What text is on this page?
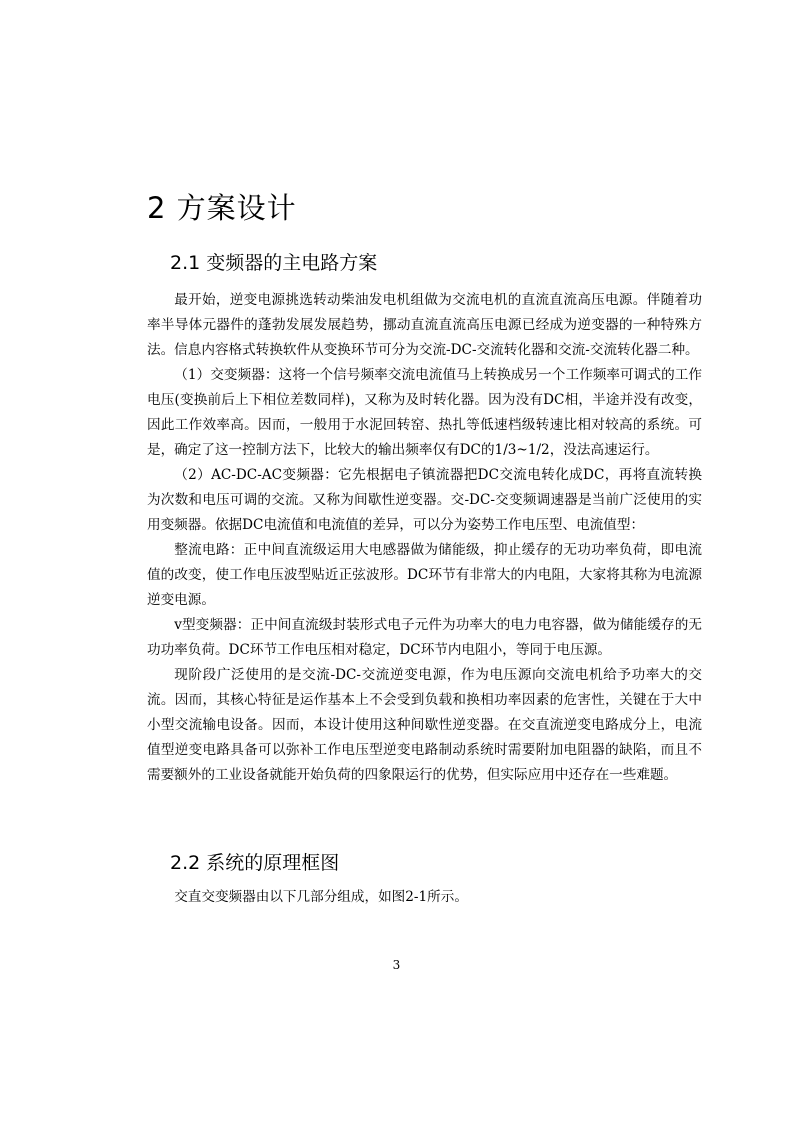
2 方案设计
2.1 变频器的主电路方案

最开始，逆变电源挑选转动柴油发电机组做为交流电机的直流直流高压电源。伴随着功率半导体元器件的蓬勃发展发展趋势，挪动直流直流高压电源已经成为逆变器的一种特殊方法。信息内容格式转换软件从变换环节可分为交流-DC-交流转化器和交流-交流转化器二种。

（1）交变频器：这将一个信号频率交流电流值马上转换成另一个工作频率可调式的工作电压(变换前后上下相位差数同样)，又称为及时转化器。因为没有DC相，半途并没有改变，因此工作效率高。因而，一般用于水泥回转窑、热扎等低速档级转速比相对较高的系统。可是，确定了这一控制方法下，比较大的输出频率仅有DC的1/3~1/2，没法高速运行。

（2）AC-DC-AC变频器：它先根据电子镇流器把DC交流电转化成DC，再将直流转换为次数和电压可调的交流。又称为间歇性逆变器。交-DC-交变频调速器是当前广泛使用的实用变频器。依据DC电流值和电流值的差异，可以分为姿势工作电压型、电流值型：

整流电路：正中间直流级运用大电感器做为储能级，抑止缓存的无功功率负荷，即电流值的改变，使工作电压波型贴近正弦波形。DC环节有非常大的内电阻，大家将其称为电流源逆变电源。

v型变频器：正中间直流级封装形式电子元件为功率大的电力电容器，做为储能缓存的无功功率负荷。DC环节工作电压相对稳定，DC环节内电阻小，等同于电压源。

现阶段广泛使用的是交流-DC-交流逆变电源，作为电压源向交流电机给予功率大的交流。因而，其核心特征是运作基本上不会受到负载和换相功率因素的危害性，关键在于大中小型交流输电设备。因而，本设计使用这种间歇性逆变器。在交直流逆变电路成分上，电流值型逆变电路具备可以弥补工作电压型逆变电路制动系统时需要附加电阻器的缺陷，而且不需要额外的工业设备就能开始负荷的四象限运行的优势，但实际应用中还存在一些难题。

2.2 系统的原理框图

交直交变频器由以下几部分组成，如图2-1所示。

3
